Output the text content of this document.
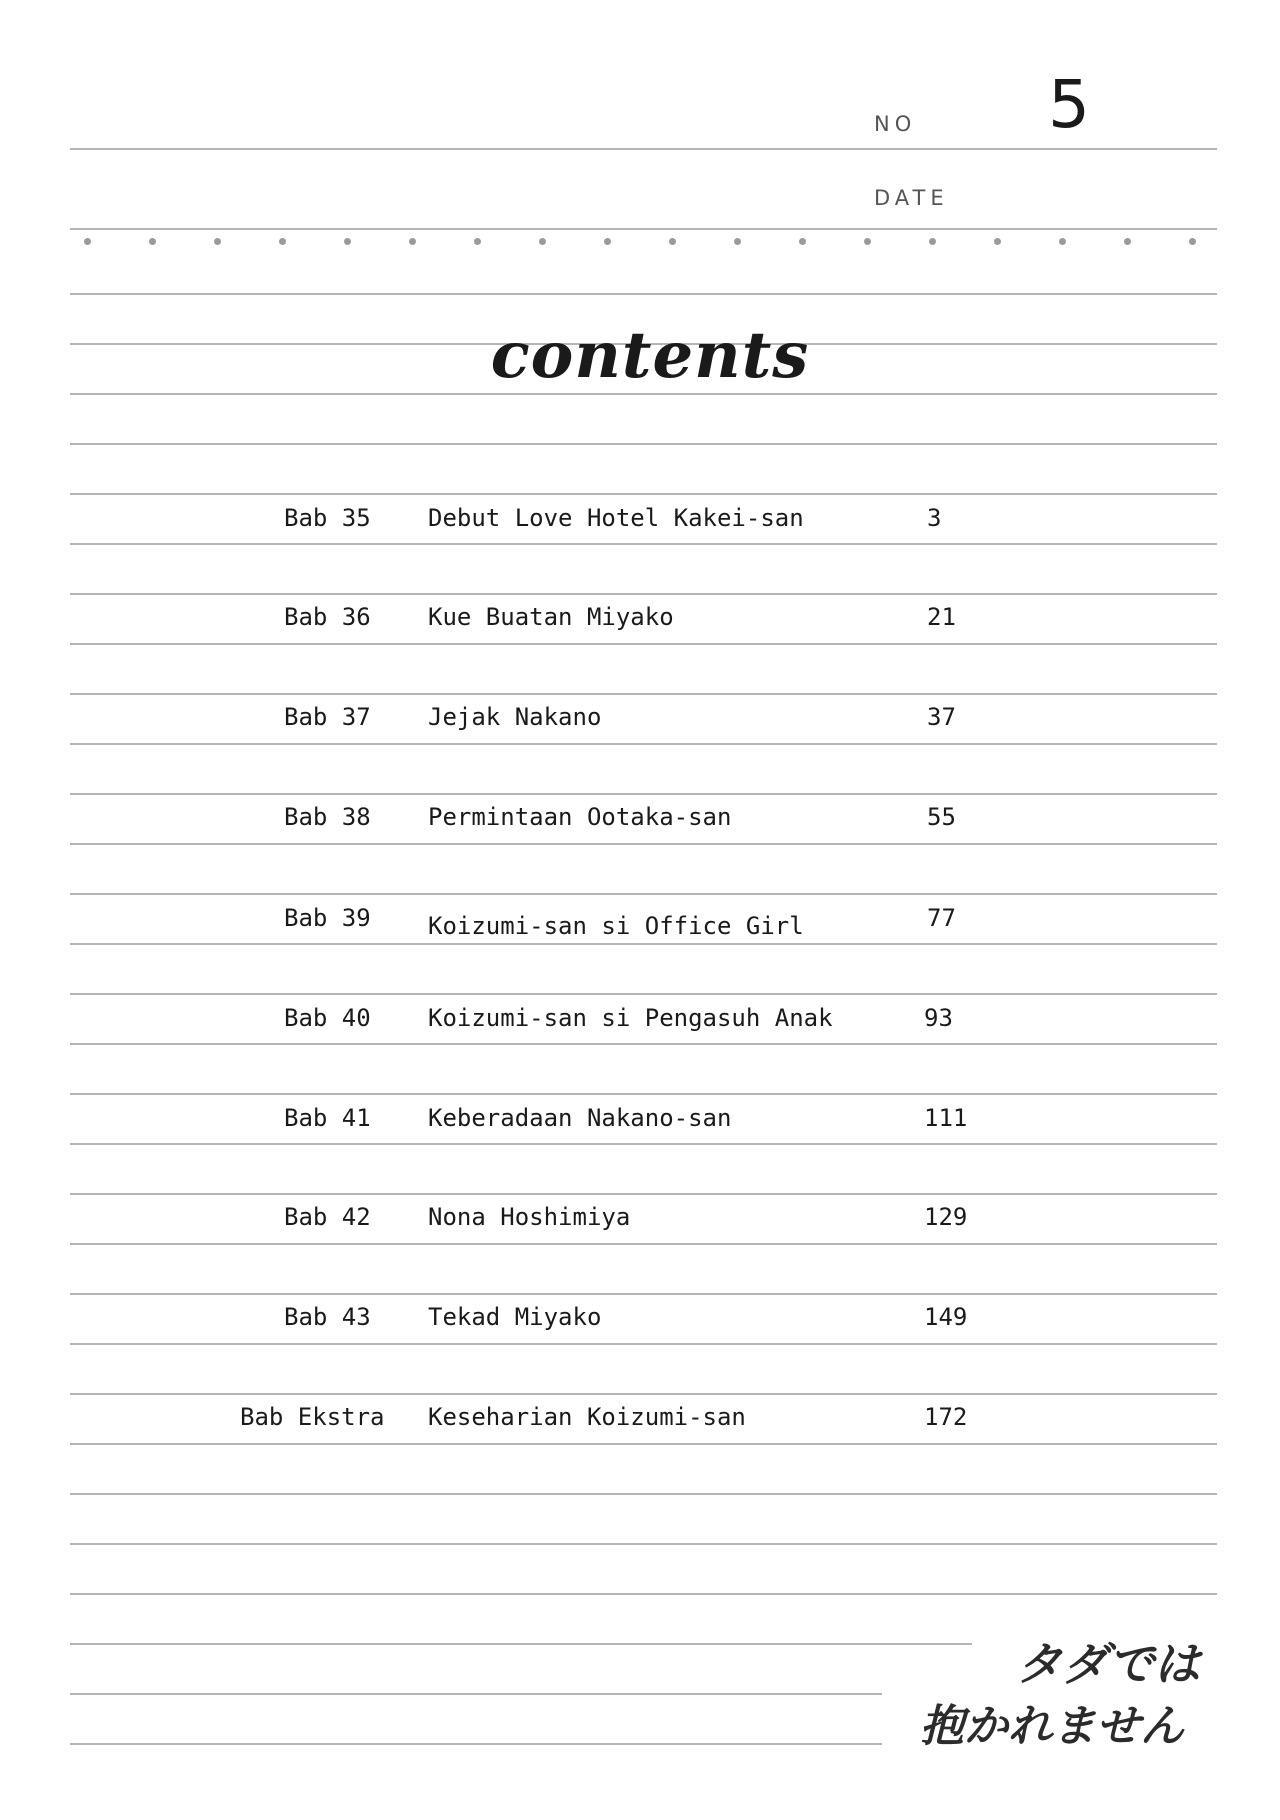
NO 5
DATE
contents
Bab 35 Debut Love Hotel Kakei-san	3
Bab 36 Kue Buatan Miyako	21
Bab 37 Jejak Nakano	37
Bab 38 Permintaan Ootaka-san	55
Bab 39 Koizumi-san si Office Girl	77
Bab 40 Koizumi-san si Pengasuh Anak	93
Bab 41 Keberadaan Nakano-san	111
Bab 42 Nona Hoshimiya	129
Bab 43 Tekad Miyako	149
Bab Ekstra Keseharian Koizumi-san	172
タダでは
抱かれません
